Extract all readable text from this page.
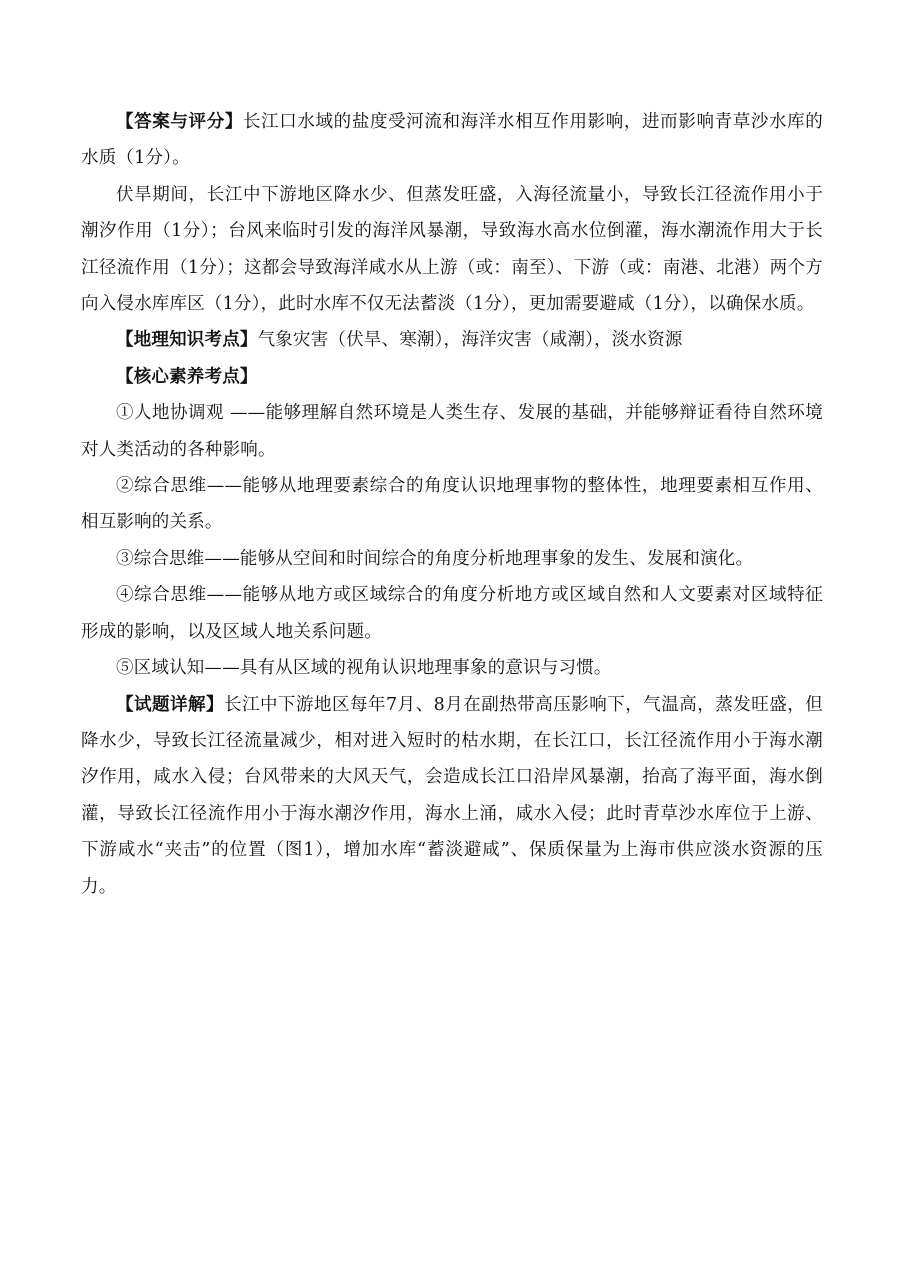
【答案与评分】长江口水域的盐度受河流和海洋水相互作用影响，进而影响青草沙水库的水质（1分）。

伏旱期间，长江中下游地区降水少、但蒸发旺盛，入海径流量小，导致长江径流作用小于潮汐作用（1分）；台风来临时引发的海洋风暴潮，导致海水高水位倒灌，海水潮流作用大于长江径流作用（1分）；这都会导致海洋咸水从上游（或：南至）、下游（或：南港、北港）两个方向入侵水库库区（1分），此时水库不仅无法蓄淡（1分），更加需要避咸（1分），以确保水质。

【地理知识考点】气象灾害（伏旱、寒潮），海洋灾害（咸潮），淡水资源

【核心素养考点】

①人地协调观 ——能够理解自然环境是人类生存、发展的基础，并能够辩证看待自然环境对人类活动的各种影响。

②综合思维——能够从地理要素综合的角度认识地理事物的整体性，地理要素相互作用、相互影响的关系。

③综合思维——能够从空间和时间综合的角度分析地理事象的发生、发展和演化。

④综合思维——能够从地方或区域综合的角度分析地方或区域自然和人文要素对区域特征形成的影响，以及区域人地关系问题。

⑤区域认知——具有从区域的视角认识地理事象的意识与习惯。

【试题详解】长江中下游地区每年7月、8月在副热带高压影响下，气温高，蒸发旺盛，但降水少，导致长江径流量减少，相对进入短时的枯水期，在长江口，长江径流作用小于海水潮汐作用，咸水入侵；台风带来的大风天气，会造成长江口沿岸风暴潮，抬高了海平面，海水倒灌，导致长江径流作用小于海水潮汐作用，海水上涌，咸水入侵；此时青草沙水库位于上游、下游咸水“夹击”的位置（图1），增加水库“蓄淡避咸”、保质保量为上海市供应淡水资源的压力。
